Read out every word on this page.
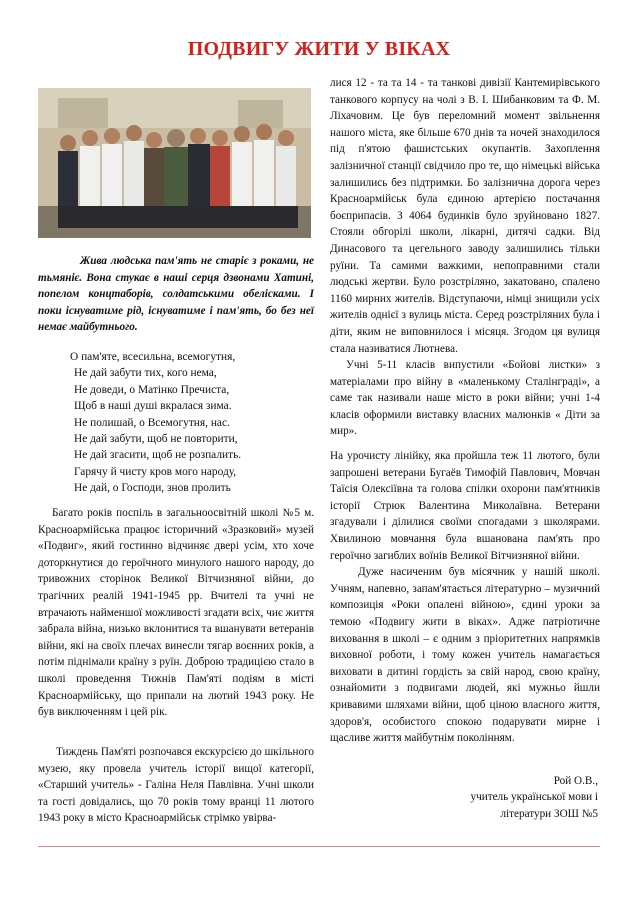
ПОДВИГУ ЖИТИ У ВІКАХ

Жива людська пам'ять не старіє з роками, не тьмяніє. Вона стукає в наші серця дзвонами Хатині, попелом концтаборів, солдатськими обелісками. І поки існуватиме рід, існуватиме і пам'ять, бо без неї немає майбутнього.

О пам'яте, всесильна, всемогутня,
Не дай забути тих, кого нема,
Не доведи, о Матінко Пречиста,
Щоб в наші душі вкралася зима.
Не полишай, о Всемогутня, нас.
Не дай забути, щоб не повторити,
Не дай згасити, щоб не розпалить.
Гарячу й чисту кров мого народу,
Не дай, о Господи, знов пролить

Багато років поспіль в загальноосвітній школі №5 м. Красноармійська працює історичний «Зразковий» музей «Подвиг», який гостинно відчиняє двері усім, хто хоче доторкнутися до героїчного минулого нашого народу, до тривожних сторінок Великої Вітчизняної війни, до трагічних реалій 1941-1945 рр. Вчителі та учні не втрачають найменшої можливості згадати всіх, чиє життя забрала війна, низько вклонитися та вшанувати ветеранів війни, які на своїх плечах винесли тягар воєнних років, а потім піднімали країну з руїн. Доброю традицією стало в школі проведення Тижнів Пам'яті подіям в місті Красноармійську, що припали на лютий 1943 року. Не був виключенням і цей рік.

Тиждень Пам'яті розпочався екскурсією до шкільного музею, яку провела учитель історії вищої категорії, «Старший учитель» - Галіна Неля Павлівна. Учні школи та гості довідались, що 70 років тому вранці 11 лютого 1943 року в місто Красноармійськ стрімко увірва-

лися 12 - та та 14 - та танкові дивізії Кантемирівського танкового корпусу на чолі з В. І. Шибанковим та Ф. М. Ліхачовим. Це був переломний момент звільнення нашого міста, яке більше 670 днів та ночей знаходилося під п'ятою фашистських окупантів. Захоплення залізничної станції свідчило про те, що німецькі війська залишились без підтримки. Бо залізнична дорога через Красноармійськ була єдиною артерією постачання боєприпасів. З 4064 будинків було зруйновано 1827. Стояли обгорілі школи, лікарні, дитячі садки. Від Динасового та цегельного заводу залишились тільки руїни. Та самими важкими, непоправними стали людські жертви. Було розстріляно, закатовано, спалено 1160 мирних жителів. Відступаючи, німці знищили усіх жителів однієї з вулиць міста. Серед розстріляних була і діти, яким не виповнилося і місяця. Згодом ця вулиця стала називатися Лютнева.

Учні 5-11 класів випустили «Бойові листки» з матеріалами про війну в «маленькому Сталінграді», а саме так називали наше місто в роки війни; учні 1-4 класів оформили виставку власних малюнків « Діти за мир».

На урочисту лінійку, яка пройшла теж 11 лютого, були запрошені ветерани Бугаёв Тимофій Павлович, Мовчан Таїсія Олексіївна та голова спілки охорони пам'ятників історії Стрюк Валентина Миколаївна. Ветерани згадували і ділилися своїми спогадами з школярами. Хвилиною мовчання була вшанована пам'ять про героїчно загиблих воїнів Великої Вітчизняної війни.

Дуже насиченим був місячник у нашій школі. Учням, напевно, запам'ятається літературно – музичний композиція «Роки опалені війною», єдині уроки за темою «Подвигу жити в віках». Адже патріотичне виховання в школі – є одним з пріоритетних напрямків виховної роботи, і тому кожен учитель намагається виховати в дитині гордість за свій народ, свою країну, ознайомити з подвигами людей, які мужньо йшли кривавими шляхами війни, щоб ціною власного життя, здоров'я, особистого спокою подарувати мирне і щасливе життя майбутнім поколінням.

Рой О.В.,
учитель української мови і
літератури ЗОШ №5
